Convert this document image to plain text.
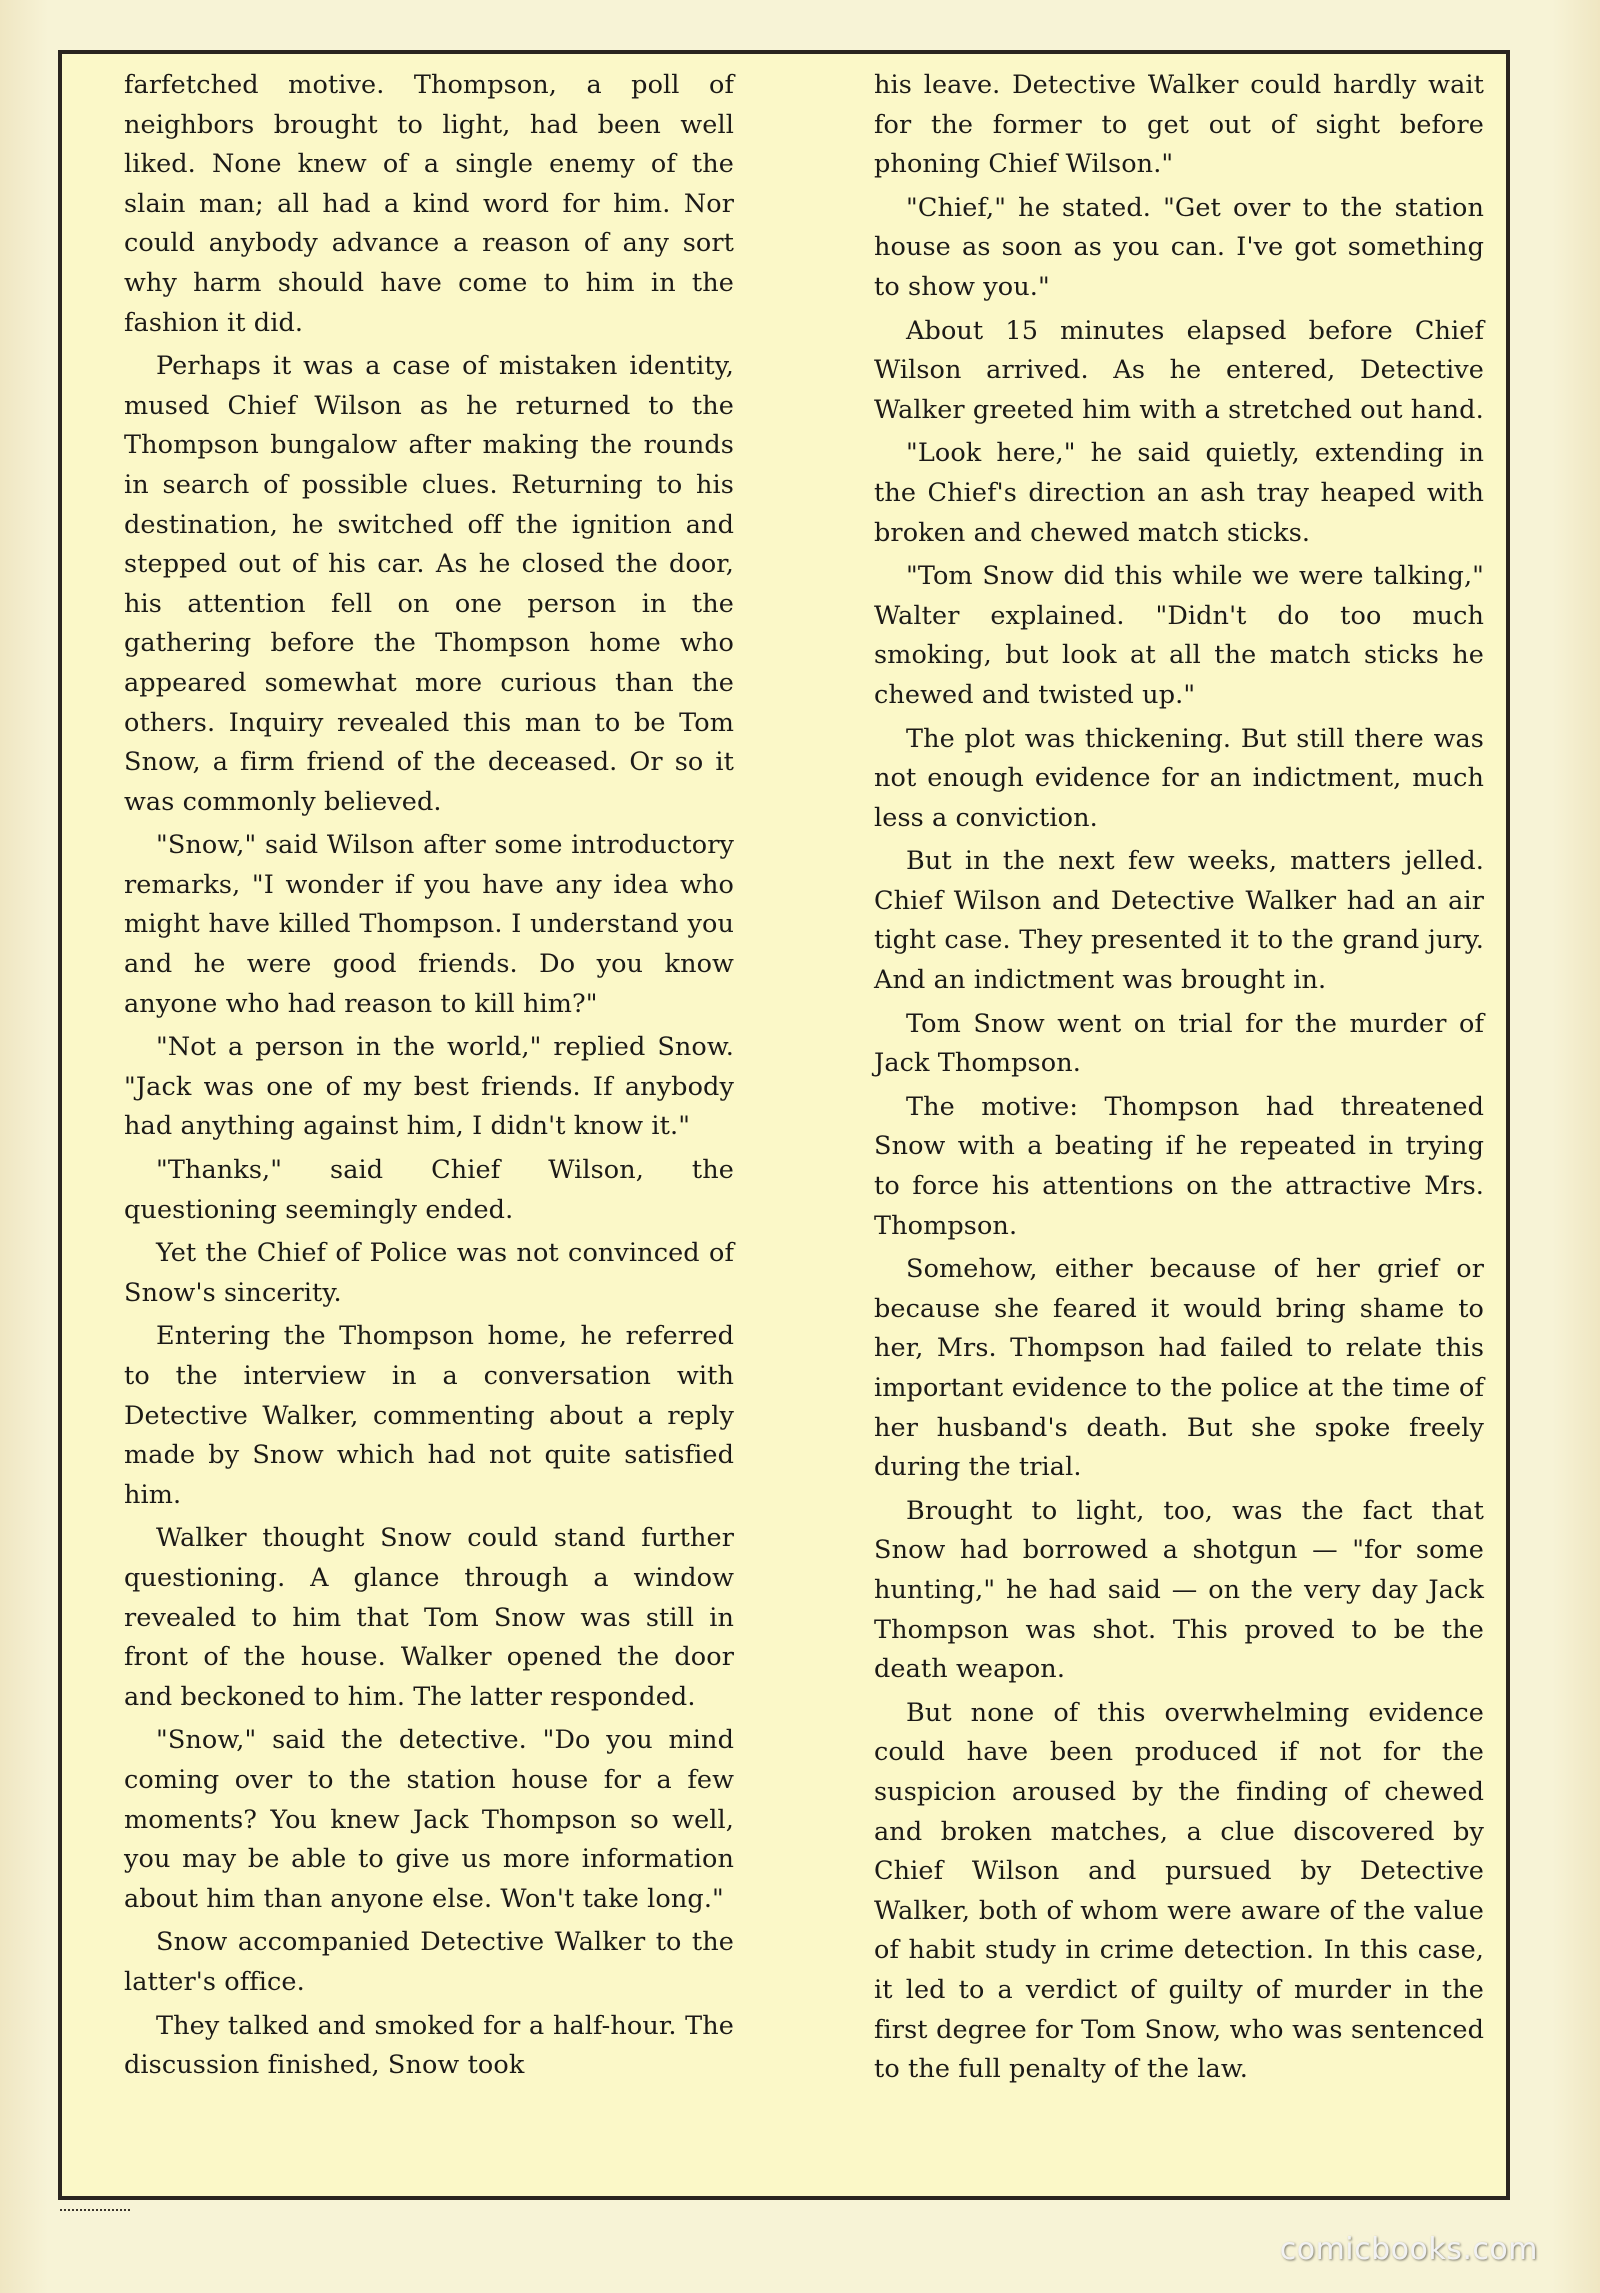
farfetched motive. Thompson, a poll of neighbors brought to light, had been well liked. None knew of a single enemy of the slain man; all had a kind word for him. Nor could anybody advance a reason of any sort why harm should have come to him in the fashion it did.

Perhaps it was a case of mistaken identity, mused Chief Wilson as he returned to the Thompson bungalow after making the rounds in search of possible clues. Returning to his destination, he switched off the ignition and stepped out of his car. As he closed the door, his attention fell on one person in the gathering before the Thompson home who appeared somewhat more curious than the others. Inquiry revealed this man to be Tom Snow, a firm friend of the deceased. Or so it was commonly believed.

"Snow," said Wilson after some introductory remarks, "I wonder if you have any idea who might have killed Thompson. I understand you and he were good friends. Do you know anyone who had reason to kill him?"

"Not a person in the world," replied Snow. "Jack was one of my best friends. If anybody had anything against him, I didn't know it."

"Thanks," said Chief Wilson, the questioning seemingly ended.

Yet the Chief of Police was not convinced of Snow's sincerity.

Entering the Thompson home, he referred to the interview in a conversation with Detective Walker, commenting about a reply made by Snow which had not quite satisfied him.

Walker thought Snow could stand further questioning. A glance through a window revealed to him that Tom Snow was still in front of the house. Walker opened the door and beckoned to him. The latter responded.

"Snow," said the detective. "Do you mind coming over to the station house for a few moments? You knew Jack Thompson so well, you may be able to give us more information about him than anyone else. Won't take long."

Snow accompanied Detective Walker to the latter's office.

They talked and smoked for a half-hour. The discussion finished, Snow took

his leave. Detective Walker could hardly wait for the former to get out of sight before phoning Chief Wilson."

"Chief," he stated. "Get over to the station house as soon as you can. I've got something to show you."

About 15 minutes elapsed before Chief Wilson arrived. As he entered, Detective Walker greeted him with a stretched out hand.

"Look here," he said quietly, extending in the Chief's direction an ash tray heaped with broken and chewed match sticks.

"Tom Snow did this while we were talking," Walter explained. "Didn't do too much smoking, but look at all the match sticks he chewed and twisted up."

The plot was thickening. But still there was not enough evidence for an indictment, much less a conviction.

But in the next few weeks, matters jelled. Chief Wilson and Detective Walker had an air tight case. They presented it to the grand jury. And an indictment was brought in.

Tom Snow went on trial for the murder of Jack Thompson.

The motive: Thompson had threatened Snow with a beating if he repeated in trying to force his attentions on the attractive Mrs. Thompson.

Somehow, either because of her grief or because she feared it would bring shame to her, Mrs. Thompson had failed to relate this important evidence to the police at the time of her husband's death. But she spoke freely during the trial.

Brought to light, too, was the fact that Snow had borrowed a shotgun — "for some hunting," he had said — on the very day Jack Thompson was shot. This proved to be the death weapon.

But none of this overwhelming evidence could have been produced if not for the suspicion aroused by the finding of chewed and broken matches, a clue discovered by Chief Wilson and pursued by Detective Walker, both of whom were aware of the value of habit study in crime detection. In this case, it led to a verdict of guilty of murder in the first degree for Tom Snow, who was sentenced to the full penalty of the law.

comicbooks.com
